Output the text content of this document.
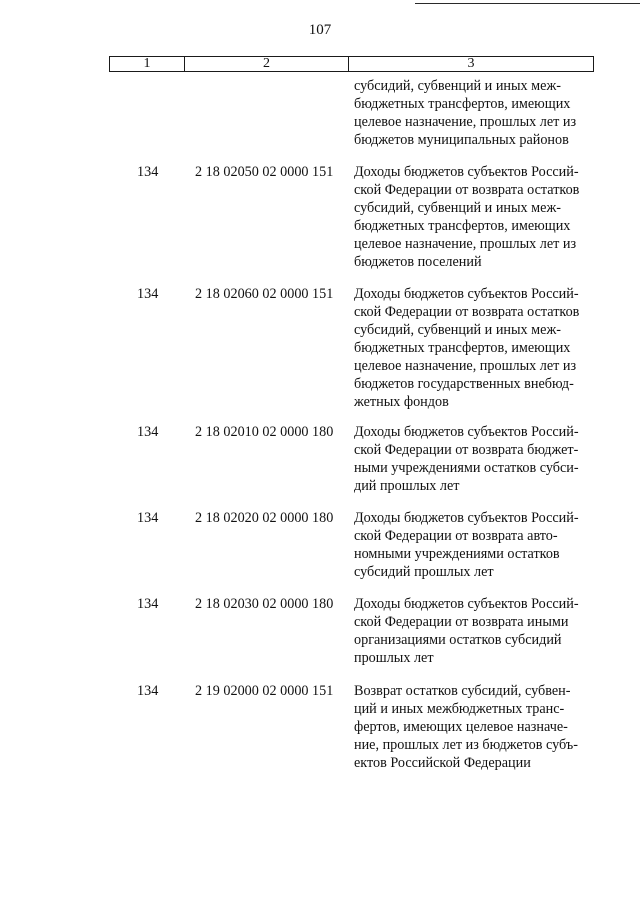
107
1	2	3
субсидий, субвенций и иных меж-
бюджетных трансфертов, имеющих
целевое назначение, прошлых лет из
бюджетов муниципальных районов
134	2 18 02050 02 0000 151 Доходы бюджетов субъектов Россий-
ской Федерации от возврата остатков
субсидий, субвенций и иных меж-
бюджетных трансфертов, имеющих
целевое назначение, прошлых лет из
бюджетов поселений
134	2 18 02060 02 0000 151 Доходы бюджетов субъектов Россий-
ской Федерации от возврата остатков
субсидий, субвенций и иных меж-
бюджетных трансфертов, имеющих
целевое назначение, прошлых лет из
бюджетов государственных внебюд-
жетных фондов
134	2 18 02010 02 0000 180 Доходы бюджетов субъектов Россий-
ской Федерации от возврата бюджет-
ными учреждениями остатков субси-
дий прошлых лет
134	2 18 02020 02 0000 180 Доходы бюджетов субъектов Россий-
ской Федерации от возврата авто-
номными учреждениями остатков
субсидий прошлых лет
134	2 18 02030 02 0000 180 Доходы бюджетов субъектов Россий-
ской Федерации от возврата иными
организациями остатков субсидий
прошлых лет
134	2 19 02000 02 0000 151 Возврат остатков субсидий, субвен-
ций и иных межбюджетных транс-
фертов, имеющих целевое назначе-
ние, прошлых лет из бюджетов субъ-
ектов Российской Федерации
